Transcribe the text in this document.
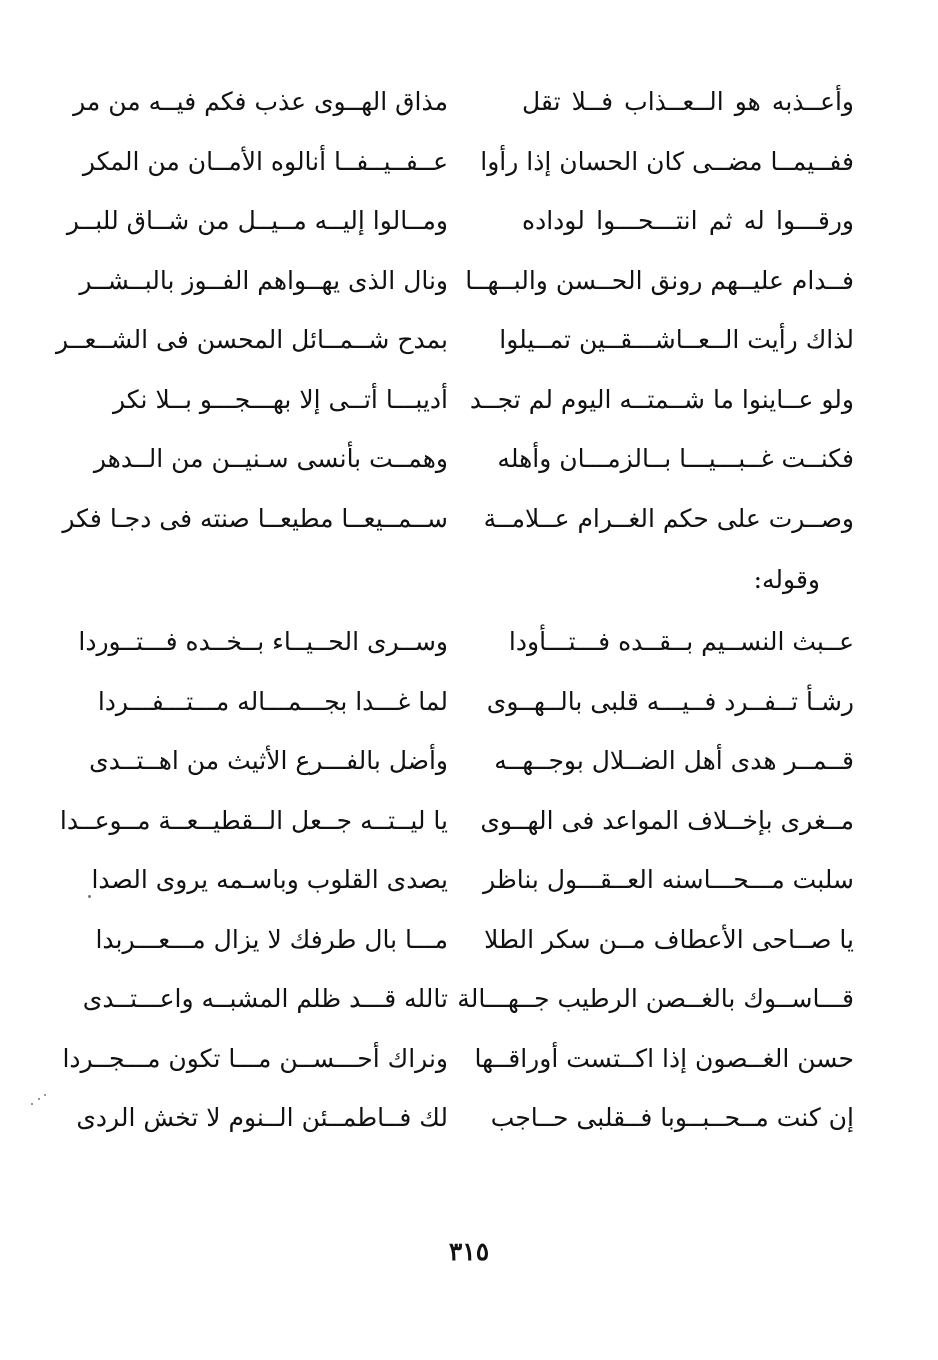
وأعــذبه هو الــعــذاب فــلا تقل
مذاق الهــوى عذب فكم فيــه من مر
ففــيمــا مضــى كان الحسان إذا رأوا
عــفــيــفــا أنالوه الأمــان من المكر
ورقـــوا له ثم انتـــحـــوا لوداده
ومــالوا إليــه مــيــل من شــاق للبــر
فــدام عليــهم رونق الحــسن والبــهــا
ونال الذى يهــواهم الفــوز بالبــشــر
لذاك رأيت الــعــاشـــقــين تمــيلوا
بمدح شــمــائل المحسن فى الشــعــر
ولو عــاينوا ما شــمتــه اليوم لم تجــد
أديبـــا أتــى إلا بهـــجـــو بــلا نكر
فكنــت غــبـــيـــا بــالزمـــان وأهله
وهمــت بأنسى سـنيــن من الــدهر
وصــرت على حكم الغــرام عــلامــة
ســمــيعــا مطيعــا صنته فى دجـا فكر
وقوله:
عــبث النســيم بــقــده فـــتـــأودا
وســرى الحــيــاء بــخــده فـــتــوردا
رشـأ تــفــرد فــيـــه قلبى بالــهــوى
لما غـــدا بجـــمـــاله مـــتـــفـــردا
قــمــر هدى أهل الضــلال بوجــهــه
وأضل بالفـــرع الأثيث من اهــتــدى
مــغرى بإخــلاف المواعد فى الهــوى
يا ليــتــه جــعل الــقطيــعــة مــوعــدا
سلبت مـــحـــاسنه العــقـــول بناظر
يصدى القلوب وباسـمه يروى الصدا
يا صــاحى الأعطاف مــن سكر الطلا
مـــا بال طرفك لا يزال مـــعـــربدا
قـــاســوك بالغــصن الرطيب جــهـــالة
تالله قـــد ظلم المشبــه واعـــتــدى
حسن الغــصون إذا اكــتست أوراقــها
ونراك أحـــســن مـــا تكون مـــجــردا
إن كنت مــحــبــوبا فــقلبى حــاجب
لك فــاطمــئن الــنوم لا تخش الردى
٣١٥
